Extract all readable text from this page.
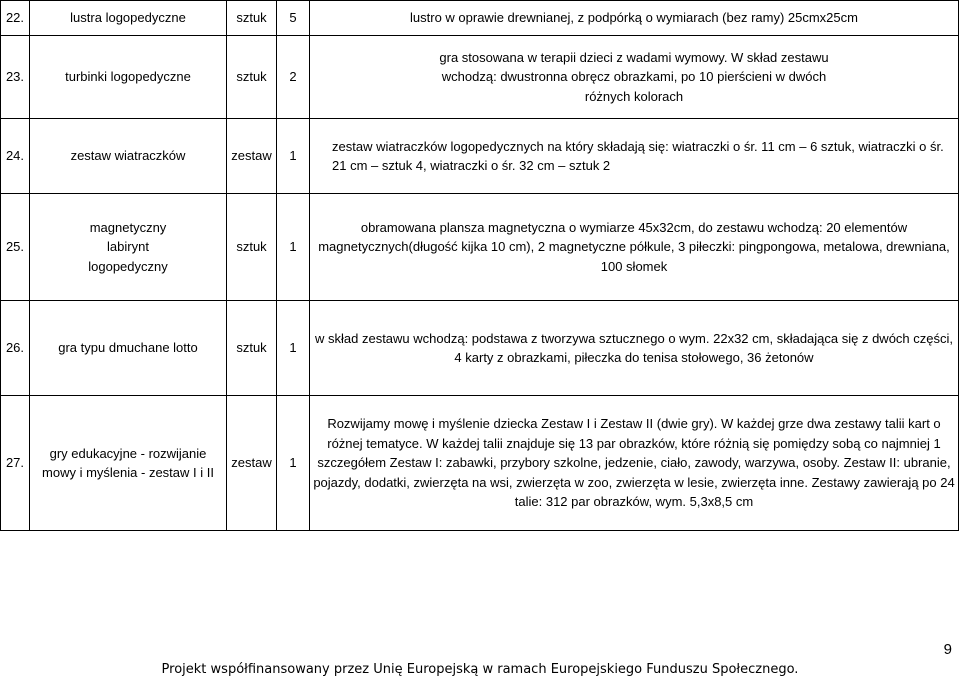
22.	lustra logopedyczne	sztuk	5	lustro w oprawie drewnianej, z podpórką o wymiarach (bez ramy) 25cmx25cm
23.	turbinki logopedyczne	sztuk	2	gra stosowana w terapii dzieci z wadami wymowy. W skład zestawu wchodzą: dwustronna obręcz obrazkami, po 10 pierścieni w dwóch różnych kolorach
24.	zestaw wiatraczków	zestaw	1	zestaw wiatraczków logopedycznych na który składają się: wiatraczki o śr. 11 cm – 6 sztuk, wiatraczki o śr. 21 cm – sztuk 4, wiatraczki o śr. 32 cm – sztuk 2
25.	magnetyczny labirynt logopedyczny	sztuk	1	obramowana plansza magnetyczna o wymiarze 45x32cm, do zestawu wchodzą: 20 elementów magnetycznych(długość kijka 10 cm), 2 magnetyczne półkule, 3 piłeczki: pingpongowa, metalowa, drewniana, 100 słomek
26.	gra typu dmuchane lotto	sztuk	1	w skład zestawu wchodzą: podstawa z tworzywa sztucznego o wym. 22x32 cm, składająca się z dwóch części, 4 karty z obrazkami, piłeczka do tenisa stołowego, 36 żetonów
27.	gry edukacyjne - rozwijanie mowy i myślenia - zestaw I i II	zestaw	1	Rozwijamy mowę i myślenie dziecka Zestaw I i Zestaw II (dwie gry). W każdej grze dwa zestawy talii kart o różnej tematyce. W każdej talii znajduje się 13 par obrazków, które różnią się pomiędzy sobą co najmniej 1 szczegółem Zestaw I: zabawki, przybory szkolne, jedzenie, ciało, zawody, warzywa, osoby. Zestaw II: ubranie, pojazdy, dodatki, zwierzęta na wsi, zwierzęta w zoo, zwierzęta w lesie, zwierzęta inne. Zestawy zawierają po 24 talie: 312 par obrazków, wym. 5,3x8,5 cm
9
Projekt współfinansowany przez Unię Europejską w ramach Europejskiego Funduszu Społecznego.
